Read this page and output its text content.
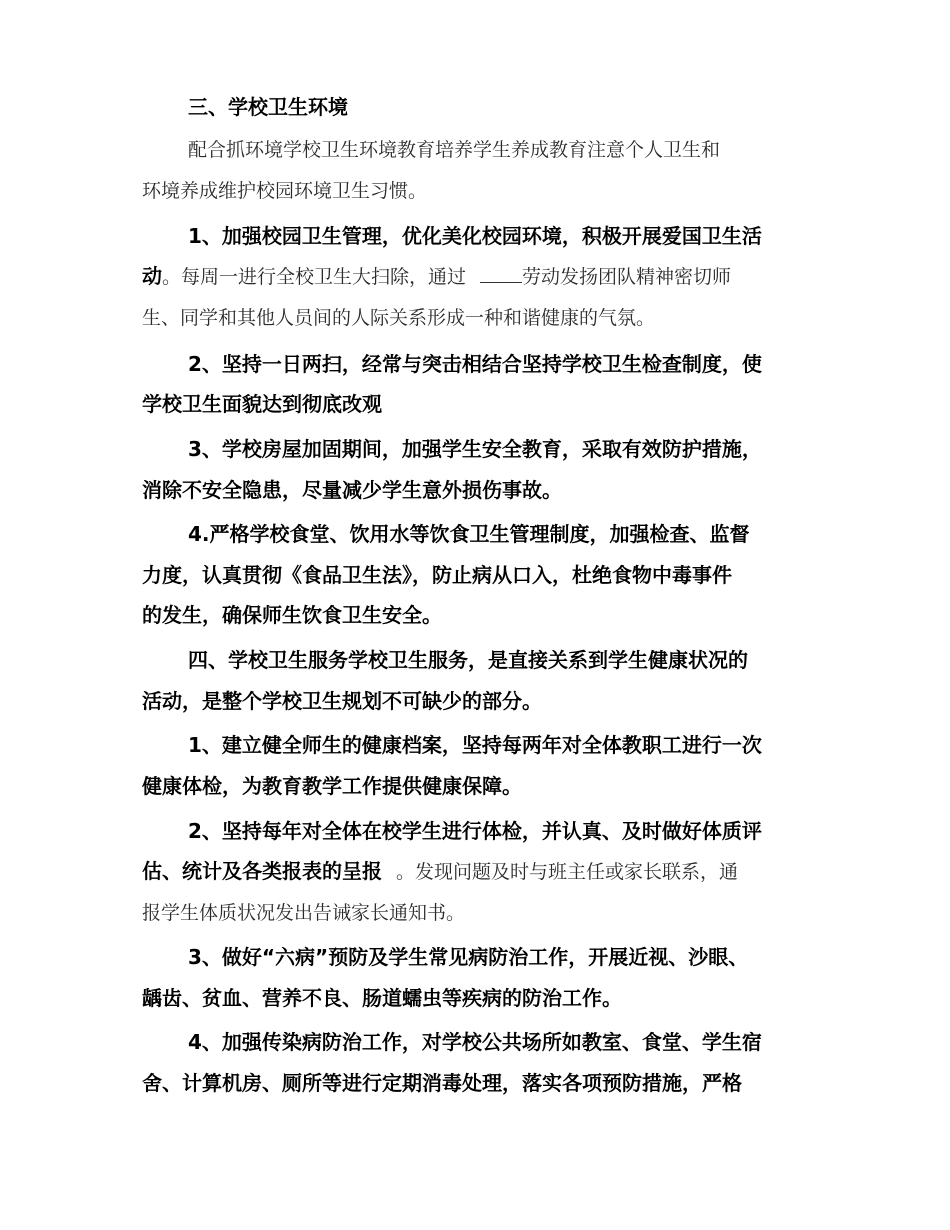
三、学校卫生环境
配合抓环境学校卫生环境教育培养学生养成教育注意个人卫生和
环境养成维护校园环境卫生习惯。
1、加强校园卫生管理，优化美化校园环境，积极开展爱国卫生活
动。每周一进行全校卫生大扫除，通过	劳动发扬团队精神密切师
生、同学和其他人员间的人际关系形成一种和谐健康的气氛。
2、坚持一日两扫，经常与突击相结合坚持学校卫生检查制度，使
学校卫生面貌达到彻底改观
3、学校房屋加固期间，加强学生安全教育，采取有效防护措施，
消除不安全隐患，尽量减少学生意外损伤事故。
4.严格学校食堂、饮用水等饮食卫生管理制度，加强检查、监督
力度，认真贯彻《食品卫生法》，防止病从口入，杜绝食物中毒事件
的发生，确保师生饮食卫生安全。
四、学校卫生服务学校卫生服务，是直接关系到学生健康状况的
活动，是整个学校卫生规划不可缺少的部分。
1、建立健全师生的健康档案，坚持每两年对全体教职工进行一次
健康体检，为教育教学工作提供健康保障。
2、坚持每年对全体在校学生进行体检，并认真、及时做好体质评
估、统计及各类报表的呈报 。发现问题及时与班主任或家长联系，通
报学生体质状况发出告诫家长通知书。
3、做好“六病”预防及学生常见病防治工作，开展近视、沙眼、
龋齿、贫血、营养不良、肠道蠕虫等疾病的防治工作。
4、加强传染病防治工作，对学校公共场所如教室、食堂、学生宿
舍、计算机房、厕所等进行定期消毒处理，落实各项预防措施，严格
